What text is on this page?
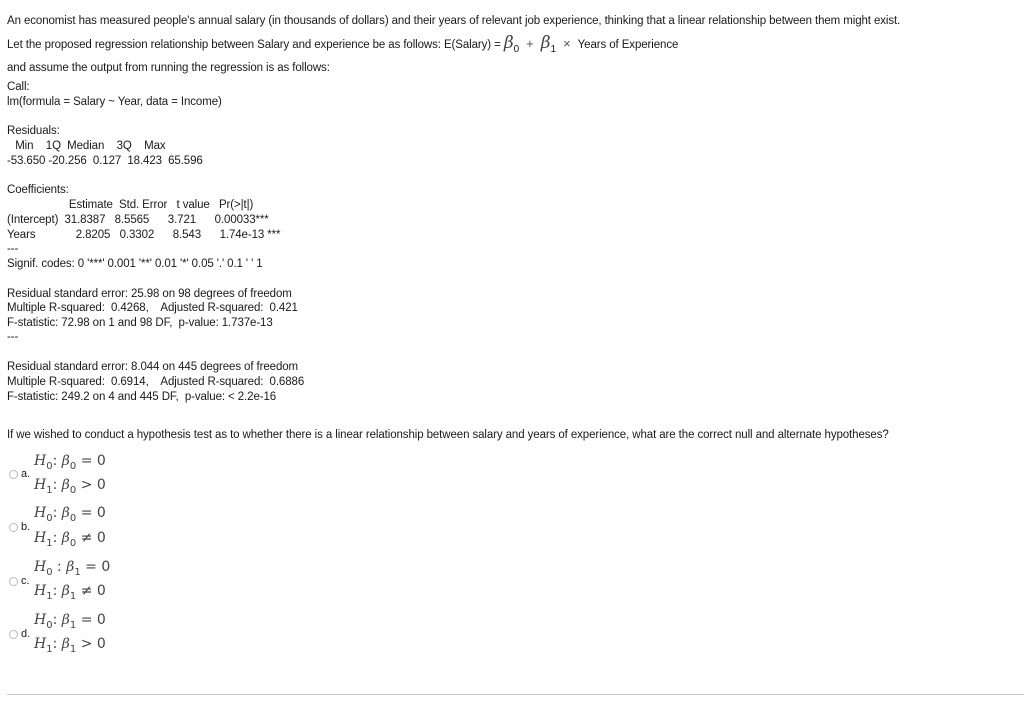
An economist has measured people's annual salary (in thousands of dollars) and their years of relevant job experience, thinking that a linear relationship between them might exist.
Let the proposed regression relationship between Salary and experience be as follows: E(Salary) = β0 + β1 × Years of Experience
and assume the output from running the regression is as follows:
Call:
lm(formula = Salary ~ Year, data = Income)
Residuals:
Min    1Q  Median    3Q    Max
-53.650 -20.256  0.127  18.423  65.596
Coefficients:
Estimate  Std. Error   t value   Pr(>|t|)
(Intercept)  31.8387   8.5565      3.721      0.00033***
Years             2.8205   0.3302      8.543      1.74e-13 ***
---
Signif. codes: 0 '***' 0.001 '**' 0.01 '*' 0.05 '.' 0.1 ' ' 1
Residual standard error: 25.98 on 98 degrees of freedom
Multiple R-squared:  0.4268,    Adjusted R-squared:  0.421
F-statistic: 72.98 on 1 and 98 DF,  p-value: 1.737e-13
---
Residual standard error: 8.044 on 445 degrees of freedom
Multiple R-squared:  0.6914,    Adjusted R-squared:  0.6886
F-statistic: 249.2 on 4 and 445 DF,  p-value: < 2.2e-16
If we wished to conduct a hypothesis test as to whether there is a linear relationship between salary and years of experience, what are the correct null and alternate hypotheses?
a.
$H_0$: $\beta_0 = 0$
$H_1$: $\beta_0 > 0$
b.
$H_0$: $\beta_0 = 0$
$H_1$: $\beta_0 \ne 0$
c.
$H_0$ : $\beta_1 = 0$
$H_1$: $\beta_1 \ne 0$
d.
$H_0$: $\beta_1 = 0$
$H_1$: $\beta_1 > 0$
